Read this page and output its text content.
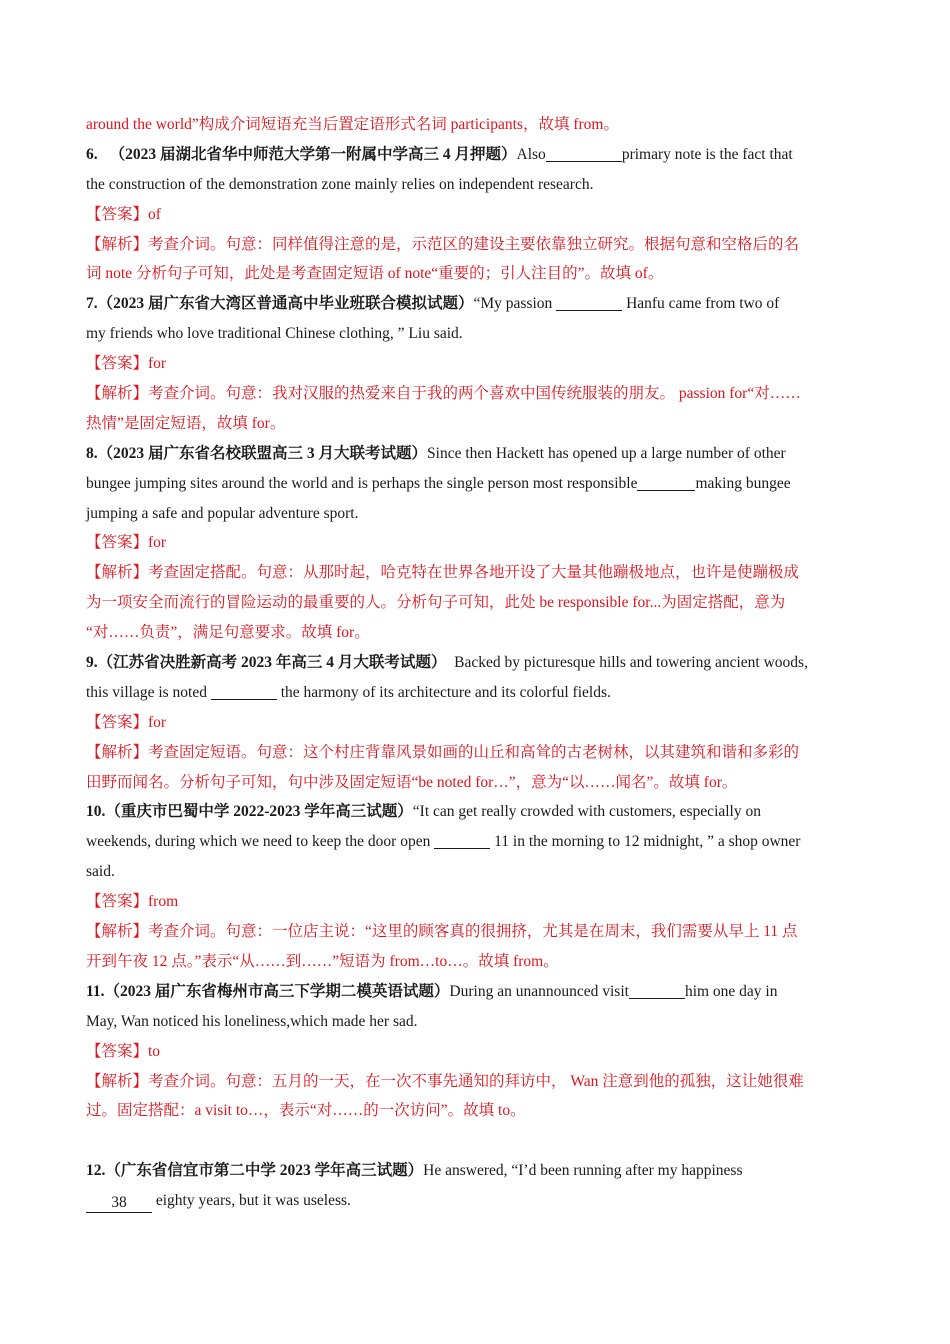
around the world”构成介词短语充当后置定语形式名词 participants，故填 from。
6. （2023 届湖北省华中师范大学第一附属中学高三 4 月押题）Also	primary note is the fact that
the construction of the demonstration zone mainly relies on independent research.
【答案】of
【解析】考查介词。句意：同样值得注意的是，示范区的建设主要依靠独立研究。根据句意和空格后的名
词 note 分析句子可知，此处是考查固定短语 of note“重要的；引人注目的”。故填 of。
7.（2023 届广东省大湾区普通高中毕业班联合模拟试题）“My passion	Hanfu came from two of
my friends who love traditional Chinese clothing, ” Liu said.
【答案】for
【解析】考查介词。句意：我对汉服的热爱来自于我的两个喜欢中国传统服装的朋友。 passion for“对……
热情”是固定短语，故填 for。
8.（2023 届广东省名校联盟高三 3 月大联考试题）Since then Hackett has opened up a large number of other
bungee jumping sites around the world and is perhaps the single person most responsible	making bungee
jumping a safe and popular adventure sport.
【答案】for
【解析】考查固定搭配。句意：从那时起，哈克特在世界各地开设了大量其他蹦极地点，也许是使蹦极成
为一项安全而流行的冒险运动的最重要的人。分析句子可知，此处 be responsible for...为固定搭配，意为
“对……负责”，满足句意要求。故填 for。
9.（江苏省决胜新高考 2023 年高三 4 月大联考试题） Backed by picturesque hills and towering ancient woods,
this village is noted	the harmony of its architecture and its colorful fields.
【答案】for
【解析】考查固定短语。句意：这个村庄背靠风景如画的山丘和高耸的古老树林，以其建筑和谐和多彩的
田野而闻名。分析句子可知，句中涉及固定短语“be noted for…”，意为“以……闻名”。故填 for。
10.（重庆市巴蜀中学 2022-2023 学年高三试题）“It can get really crowded with customers, especially on
weekends, during which we need to keep the door open	11 in the morning to 12 midnight, ” a shop owner
said.
【答案】from
【解析】考查介词。句意：一位店主说：“这里的顾客真的很拥挤，尤其是在周末，我们需要从早上 11 点
开到午夜 12 点。”表示“从……到……”短语为 from…to…。故填 from。
11.（2023 届广东省梅州市高三下学期二模英语试题）During an unannounced visit	him one day in
May, Wan noticed his loneliness,which made her sad.
【答案】to
【解析】考查介词。句意：五月的一天，在一次不事先通知的拜访中， Wan 注意到他的孤独，这让她很难
过。固定搭配：a visit to…，表示“对……的一次访问”。故填 to。
12.（广东省信宜市第二中学 2023 学年高三试题）He answered, “I’d been running after my happiness
38 eighty years, but it was useless.
